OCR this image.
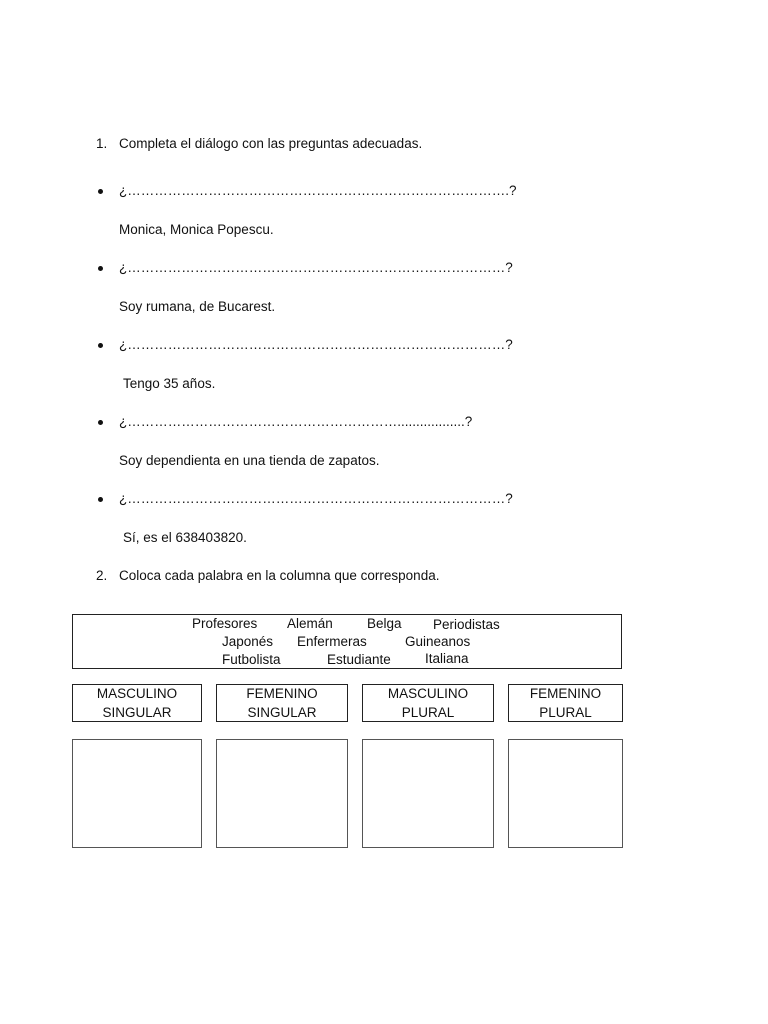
1. Completa el diálogo con las preguntas adecuadas.
¿………………………………………………………………………….?
Monica, Monica Popescu.
¿…………………………………………………………………………?
Soy rumana, de Bucarest.
¿…………………………………………………………………………?
Tengo 35 años.
¿……………………………………………………..................?
Soy dependienta en una tienda de zapatos.
¿…………………………………………………………………………?
Sí, es el 638403820.
2. Coloca cada palabra en la columna que corresponda.
Profesores Alemán	Belga Periodistas
Japonés Enfermeras	Guineanos
Futbolista	Estudiante	Italiana
MASCULINO
SINGULAR
FEMENINO
SINGULAR
MASCULINO
PLURAL
FEMENINO
PLURAL
